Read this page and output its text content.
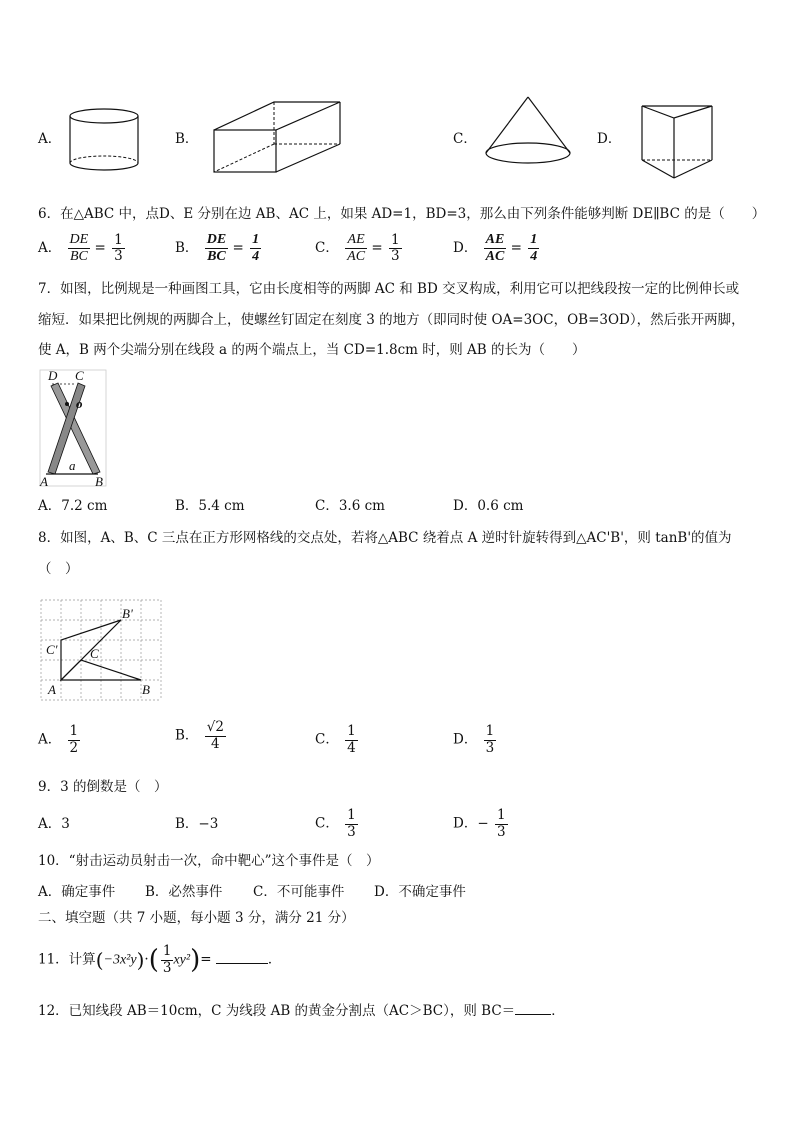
A．	B．	C．	D．
6．在△ABC 中，点D、E 分别在边 AB、AC 上，如果 AD=1，BD=3，那么由下列条件能够判断 DE∥BC 的是（　　）
A． $\frac{DE}{BC} = \frac{1}{3}$	B． $\frac{DE}{BC} = \frac{1}{4}$	C． $\frac{AE}{AC} = \frac{1}{3}$	D． $\frac{AE}{AC} = \frac{1}{4}$
7．如图，比例规是一种画图工具，它由长度相等的两脚 AC 和 BD 交叉构成，利用它可以把线段按一定的比例伸长或
缩短．如果把比例规的两脚合上，使螺丝钉固定在刻度 3 的地方（即同时使 OA=3OC，OB=3OD），然后张开两脚，
使 A，B 两个尖端分别在线段 a 的两个端点上，当 CD=1.8cm 时，则 AB 的长为（　　）
D C
o
a
A	B
A．7.2 cm	B．5.4 cm	C．3.6 cm	D．0.6 cm
8．如图，A、B、C 三点在正方形网格线的交点处，若将△ABC 绕着点 A 逆时针旋转得到△AC'B'，则 tanB'的值为
（　）
B'
C'	C
A	B
A． $\frac{1}{2}$	B． $\frac{√2}{4}$	C． $\frac{1}{4}$	D． $\frac{1}{3}$
9．3 的倒数是（　）
A．3	B．−3	C． $\frac{1}{3}$	D．− $\frac{1}{3}$
10．“射击运动员射击一次，命中靶心”这个事件是（　）
A．确定事件 B．必然事件 C．不可能事件 D．不确定事件
二、填空题（共 7 小题，每小题 3 分，满分 21 分）
11．计算$(-3x^2y)\cdot( \frac{1}{3} xy^2)=$	．
12．已知线段 AB＝10cm，C 为线段 AB 的黄金分割点（AC＞BC），则 BC＝	．
